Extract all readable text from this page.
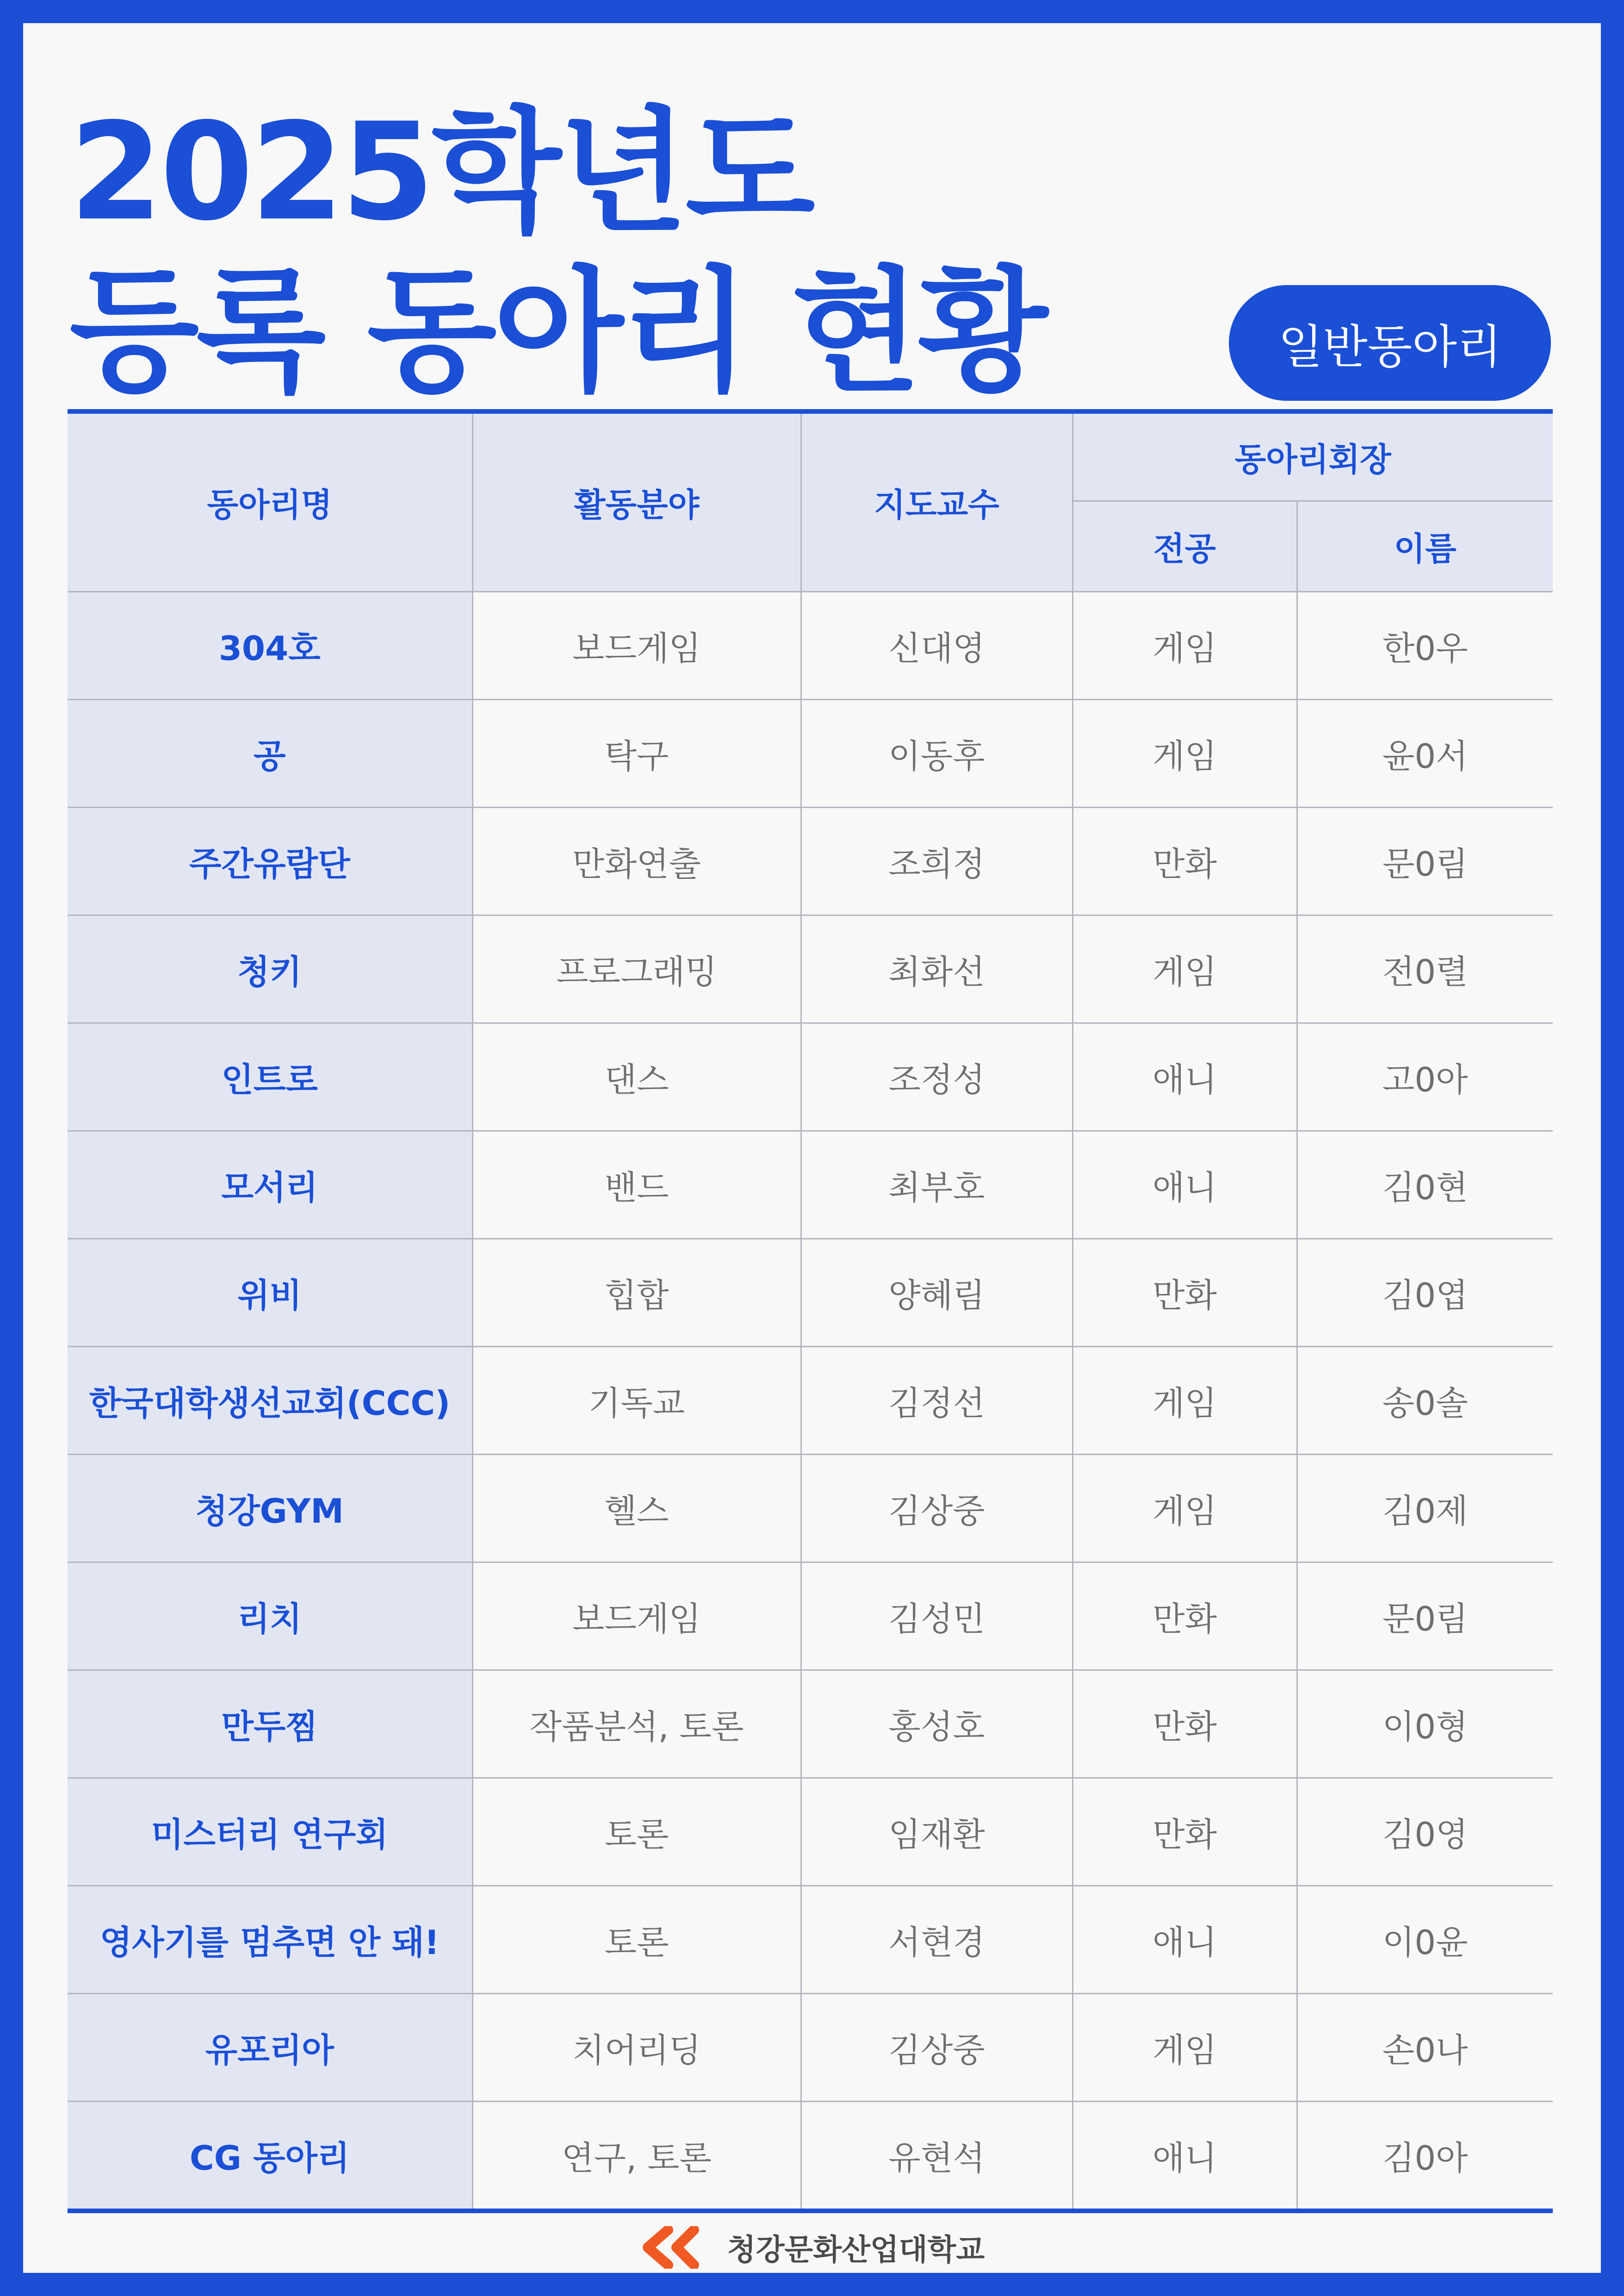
2025학년도
등록 동아리 현황	일반동아리
동아리명	활동분야	지도교수	동아리회장	
			전공	이름
304호	보드게임	신대영	게임	한0우
공	탁구	이동후	게임	윤0서
주간유람단	만화연출	조희정	만화	문0림
청키	프로그래밍	최화선	게임	전0렬
인트로	댄스	조정성	애니	고0아
모서리	밴드	최부호	애니	김0현
위비	힙합	양혜림	만화	김0엽
한국대학생선교회(CCC)	기독교	김정선	게임	송0솔
청강GYM	헬스	김상중	게임	김0제
리치	보드게임	김성민	만화	문0림
만두찜	작품분석, 토론	홍성호	만화	이0형
미스터리 연구회	토론	임재환	만화	김0영
영사기를 멈추면 안 돼!	토론	서현경	애니	이0윤
유포리아	치어리딩	김상중	게임	손0나
CG 동아리	연구, 토론	유현석	애니	김0아
청강문화산업대학교
